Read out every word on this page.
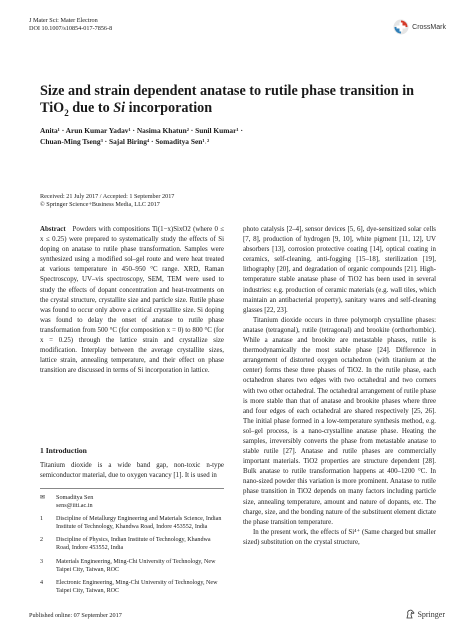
J Mater Sci: Mater Electron
DOI 10.1007/s10854-017-7856-8	CrossMark
Size and strain dependent anatase to rutile phase transition in TiO$_2$ due to Si incorporation
Anita¹ · Arun Kumar Yadav¹ · Nasima Khatun² · Sunil Kumar¹ ·
Chuan-Ming Tseng³ · Sajal Biring⁴ · Somaditya Sen¹˒²
Received: 21 July 2017 / Accepted: 1 September 2017
© Springer Science+Business Media, LLC 2017
Abstract Powders with compositions Ti(1−x)SixO2 (where 0 ≤ x ≤ 0.25) were prepared to systematically study the effects of Si doping on anatase to rutile phase transformation. Samples were synthesized using a modified sol–gel route and were heat treated at various temperature in 450–950 °C range. XRD, Raman Spectroscopy, UV–vis spectroscopy, SEM, TEM were used to study the effects of dopant concentration and heat-treatments on the crystal structure, crystallite size and particle size. Rutile phase was found to occur only above a critical crystallite size. Si doping was found to delay the onset of anatase to rutile phase transformation from 500 °C (for composition x = 0) to 800 °C (for x = 0.25) through the lattice strain and crystallize size modification. Interplay between the average crystallite sizes, lattice strain, annealing temperature, and their effect on phase transition are discussed in terms of Si incorporation in lattice.
1 Introduction
Titanium dioxide is a wide band gap, non-toxic n-type semiconductor material, due to oxygen vacancy [1]. It is used in
✉ Somaditya Sen
sens@iiti.ac.in
1	Discipline of Metallurgy Engineering and Materials Science, Indian Institute of Technology, Khandwa Road, Indore 453552, India
2	Discipline of Physics, Indian Institute of Technology, Khandwa Road, Indore 453552, India
3	Materials Engineering, Ming-Chi University of Technology, New Taipei City, Taiwan, ROC
4	Electronic Engineering, Ming-Chi University of Technology, New Taipei City, Taiwan, ROC

photo catalysis [2–4], sensor devices [5, 6], dye-sensitized solar cells [7, 8], production of hydrogen [9, 10], white pigment [11, 12], UV absorbers [13], corrosion protective coating [14], optical coating in ceramics, self-cleaning, anti-fogging [15–18], sterilization [19], lithography [20], and degradation of organic compounds [21]. High-temperature stable anatase phase of TiO2 has been used in several industries: e.g. production of ceramic materials (e.g. wall tiles, which maintain an antibacterial property), sanitary wares and self-cleaning glasses [22, 23].

Titanium dioxide occurs in three polymorph crystalline phases: anatase (tetragonal), rutile (tetragonal) and brookite (orthorhombic). While a anatase and brookite are metastable phases, rutile is thermodynamically the most stable phase [24]. Difference in arrangement of distorted oxygen octahedron (with titanium at the center) forms these three phases of TiO2. In the rutile phase, each octahedron shares two edges with two octahedral and two corners with two other octahedral. The octahedral arrangement of rutile phase is more stable than that of anatase and brookite phases where three and four edges of each octahedral are shared respectively [25, 26]. The initial phase formed in a low-temperature synthesis method, e.g. sol–gel process, is a nano-crystalline anatase phase. Heating the samples, irreversibly converts the phase from metastable anatase to stable rutile [27]. Anatase and rutile phases are commercially important materials. TiO2 properties are structure dependent [28]. Bulk anatase to rutile transformation happens at 400–1200 °C. In nano-sized powder this variation is more prominent. Anatase to rutile phase transition in TiO2 depends on many factors including particle size, annealing temperature, amount and nature of dopants, etc. The charge, size, and the bonding nature of the substituent element dictate the phase transition temperature.

In the present work, the effects of Si⁴⁺ (Same charged but smaller sized) substitution on the crystal structure,

Published online: 07 September 2017	Springer
